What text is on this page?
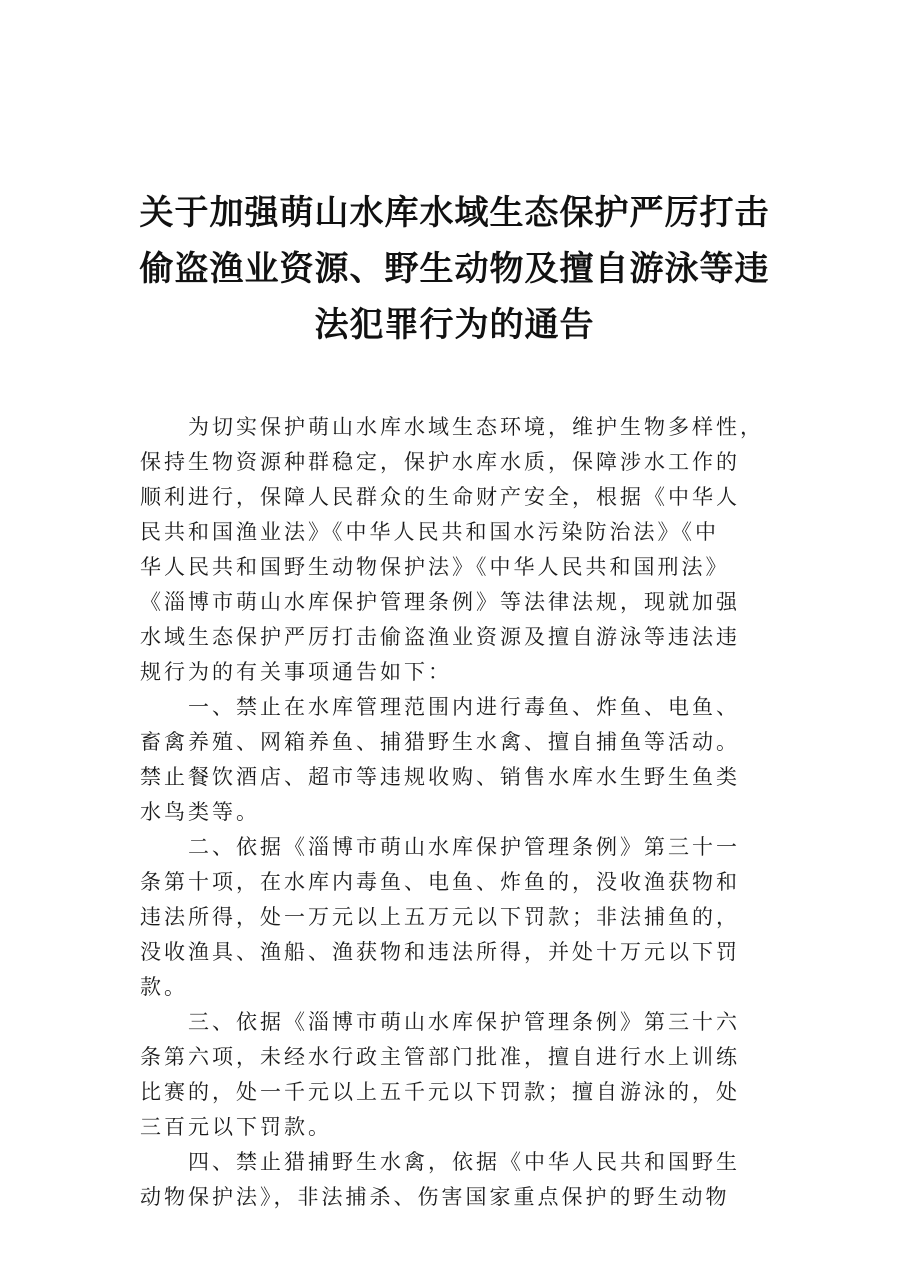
关于加强萌山水库水域生态保护严厉打击
偷盗渔业资源、野生动物及擅自游泳等违
法犯罪行为的通告
为切实保护萌山水库水域生态环境，维护生物多样性，
保持生物资源种群稳定，保护水库水质，保障涉水工作的
顺利进行，保障人民群众的生命财产安全，根据《中华人
民共和国渔业法》《中华人民共和国水污染防治法》《中
华人民共和国野生动物保护法》《中华人民共和国刑法》
《淄博市萌山水库保护管理条例》等法律法规，现就加强
水域生态保护严厉打击偷盗渔业资源及擅自游泳等违法违
规行为的有关事项通告如下：
一、禁止在水库管理范围内进行毒鱼、炸鱼、电鱼、
畜禽养殖、网箱养鱼、捕猎野生水禽、擅自捕鱼等活动。
禁止餐饮酒店、超市等违规收购、销售水库水生野生鱼类
水鸟类等。
二、依据《淄博市萌山水库保护管理条例》第三十一
条第十项，在水库内毒鱼、电鱼、炸鱼的，没收渔获物和
违法所得，处一万元以上五万元以下罚款；非法捕鱼的，
没收渔具、渔船、渔获物和违法所得，并处十万元以下罚
款。
三、依据《淄博市萌山水库保护管理条例》第三十六
条第六项，未经水行政主管部门批准，擅自进行水上训练
比赛的，处一千元以上五千元以下罚款；擅自游泳的，处
三百元以下罚款。
四、禁止猎捕野生水禽，依据《中华人民共和国野生
动物保护法》，非法捕杀、伤害国家重点保护的野生动物
